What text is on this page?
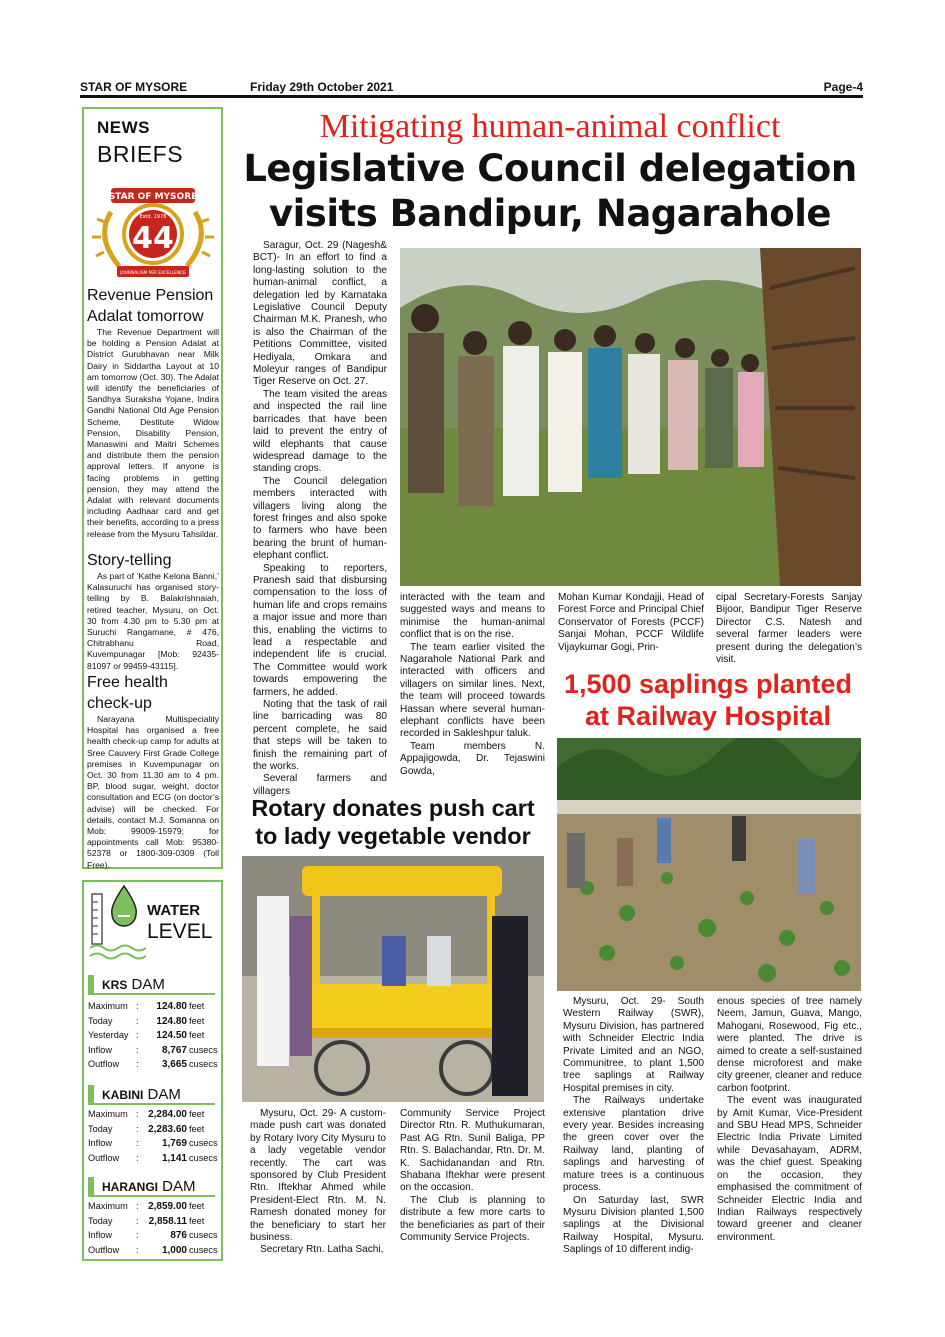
STAR OF MYSORE	Friday 29th October 2021	Page-4
NEWS
BRIEFS
STAR OF MYSORE
Estd. 1978
44
JOURNALISM PER EXCELLENCE
Revenue Pension Adalat tomorrow

The Revenue Department will be holding a Pension Adalat at District Gurubhavan near Milk Dairy in Siddartha Layout at 10 am tomorrow (Oct. 30). The Adalat will identify the beneficiaries of Sandhya Suraksha Yojane, Indira Gandhi National Old Age Pension Scheme, Destitute Widow Pension, Disability Pension, Manaswini and Maitri Schemes and distribute them the pension approval letters. If anyone is facing problems in getting pension, they may attend the Adalat with relevant documents including Aadhaar card and get their benefits, according to a press release from the Mysuru Tahsildar.

Story-telling

As part of ‘Kathe Kelona Banni,’ Kalasuruchi has organised story-telling by B. Balakrishnaiah, retired teacher, Mysuru, on Oct. 30 from 4.30 pm to 5.30 pm at Suruchi Rangamane, # 476, Chitrabhanu Road, Kuvempunagar [Mob: 92435-81097 or 99459-43115].

Free health check-up

Narayana Multispeciality Hospital has organised a free health check-up camp for adults at Sree Cauvery First Grade College premises in Kuvempunagar on Oct. 30 from 11.30 am to 4 pm. BP, blood sugar, weight, doctor consultation and ECG (on doctor’s advise) will be checked. For details, contact M.J. Somanna on Mob: 99009-15979; for appointments call Mob: 95380-52378 or 1800-309-0309 (Toll Free).

WATER
LEVEL
KRS DAM
Maximum : 124.80 feet
Today	: 124.80 feet
Yesterday : 124.50 feet
Inflow	: 8,767 cusecs
Outflow : 3,665 cusecs
KABINI DAM
Maximum : 2,284.00 feet
Today	: 2,283.60 feet
Inflow	: 1,769 cusecs
Outflow : 1,141 cusecs
HARANGI DAM
Maximum : 2,859.00 feet
Today	: 2,858.11 feet
Inflow	:	876 cusecs
Outflow : 1,000 cusecs
Mitigating human-animal conflict
Legislative Council delegation visits Bandipur, Nagarahole

Saragur, Oct. 29 (Nagesh& BCT)- In an effort to find a long-lasting solution to the human-animal conflict, a delegation led by Karnataka Legislative Council Deputy Chairman M.K. Pranesh, who is also the Chairman of the Petitions Committee, visited Hediyala, Omkara and Moleyur ranges of Bandipur Tiger Reserve on Oct. 27.

The team visited the areas and inspected the rail line barricades that have been laid to prevent the entry of wild elephants that cause widespread damage to the standing crops.

The Council delegation members interacted with villagers living along the forest fringes and also spoke to farmers who have been bearing the brunt of human-elephant conflict.

Speaking to reporters, Pranesh said that disbursing compensation to the loss of human life and crops remains a major issue and more than this, enabling the victims to lead a respectable and independent life is crucial. The Committee would work towards empowering the farmers, he added.

Noting that the task of rail line barricading was 80 percent complete, he said that steps will be taken to finish the remaining part of the works.

Several farmers and villagers

interacted with the team and suggested ways and means to minimise the human-animal conflict that is on the rise.

The team earlier visited the Nagarahole National Park and interacted with officers and villagers on similar lines. Next, the team will proceed towards Hassan where several human-elephant conflicts have been recorded in Sakleshpur taluk.

Team members N. Appajigowda, Dr. Tejaswini Gowda,

Mohan Kumar Kondajji, Head of Forest Force and Principal Chief Conservator of Forests (PCCF) Sanjai Mohan, PCCF Wildlife Vijaykumar Gogi, Prin-

cipal Secretary-Forests Sanjay Bijoor, Bandipur Tiger Reserve Director C.S. Natesh and several farmer leaders were present during the delegation’s visit.

1,500 saplings planted at Railway Hospital

Mysuru, Oct. 29- South Western Railway (SWR), Mysuru Division, has partnered with Schneider Electric India Private Limited and an NGO, Communitree, to plant 1,500 tree saplings at Railway Hospital premises in city.

The Railways undertake extensive plantation drive every year. Besides increasing the green cover over the Railway land, planting of saplings and harvesting of mature trees is a continuous process.

On Saturday last, SWR Mysuru Division planted 1,500 saplings at the Divisional Railway Hospital, Mysuru. Saplings of 10 different indig-

enous species of tree namely Neem, Jamun, Guava, Mango, Mahogani, Rosewood, Fig etc., were planted. The drive is aimed to create a self-sustained dense microforest and make city greener, cleaner and reduce carbon footprint.

The event was inaugurated by Amit Kumar, Vice-President and SBU Head MPS, Schneider Electric India Private Limited while Devasahayam, ADRM, was the chief guest. Speaking on the occasion, they emphasised the commitment of Schneider Electric India and Indian Railways respectively toward greener and cleaner environment.

Rotary donates push cart to lady vegetable vendor

Mysuru, Oct. 29- A custom-made push cart was donated by Rotary Ivory City Mysuru to a lady vegetable vendor recently. The cart was sponsored by Club President Rtn. Iftekhar Ahmed while President-Elect Rtn. M. N. Ramesh donated money for the beneficiary to start her business.

Secretary Rtn. Latha Sachi,

Community Service Project Director Rtn. R. Muthukumaran, Past AG Rtn. Sunil Baliga, PP Rtn. S. Balachandar, Rtn. Dr. M. K. Sachidanandan and Rtn. Shabana Iftekhar were present on the occasion.

The Club is planning to distribute a few more carts to the beneficiaries as part of their Community Service Projects.
